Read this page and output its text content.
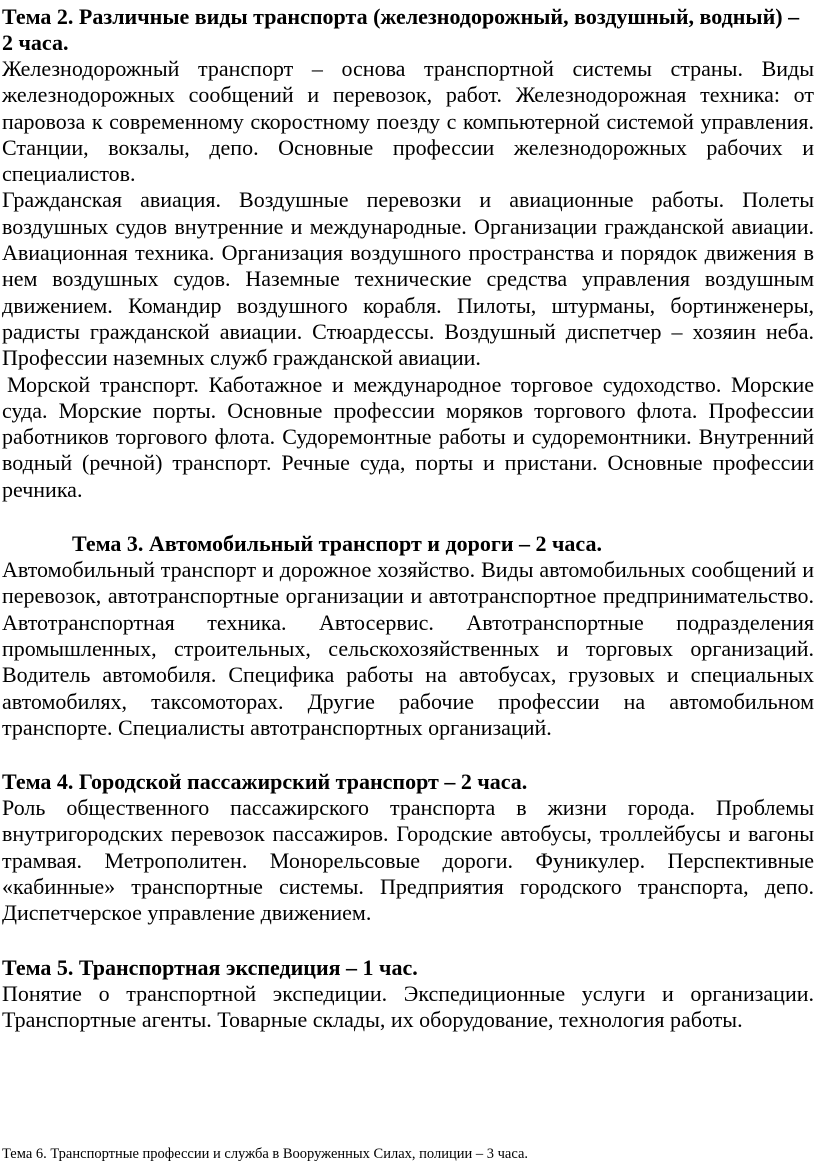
Тема 2. Различные виды транспорта (железнодорожный, воздушный, водный) – 2 часа.

Железнодорожный транспорт – основа транспортной системы страны. Виды железнодорожных сообщений и перевозок, работ. Железнодорожная техника: от паровоза к современному скоростному поезду с компьютерной системой управления. Станции, вокзалы, депо. Основные профессии железнодорожных рабочих и специалистов.

Гражданская авиация. Воздушные перевозки и авиационные работы. Полеты воздушных судов внутренние и международные. Организации гражданской авиации. Авиационная техника. Организация воздушного пространства и порядок движения в нем воздушных судов. Наземные технические средства управления воздушным движением. Командир воздушного корабля. Пилоты, штурманы, бортинженеры, радисты гражданской авиации. Стюардессы. Воздушный диспетчер – хозяин неба. Профессии наземных служб гражданской авиации.

Морской транспорт. Каботажное и международное торговое судоходство. Морские суда. Морские порты. Основные профессии моряков торгового флота. Профессии работников торгового флота. Судоремонтные работы и судоремонтники. Внутренний водный (речной) транспорт. Речные суда, порты и пристани. Основные профессии речника.

Тема 3. Автомобильный транспорт и дороги – 2 часа.

Автомобильный транспорт и дорожное хозяйство. Виды автомобильных сообщений и перевозок, автотранспортные организации и автотранспортное предпринимательство. Автотранспортная техника. Автосервис. Автотранспортные подразделения промышленных, строительных, сельскохозяйственных и торговых организаций. Водитель автомобиля. Специфика работы на автобусах, грузовых и специальных автомобилях, таксомоторах. Другие рабочие профессии на автомобильном транспорте. Специалисты автотранспортных организаций.

Тема 4. Городской пассажирский транспорт – 2 часа.

Роль общественного пассажирского транспорта в жизни города. Проблемы внутригородских перевозок пассажиров. Городские автобусы, троллейбусы и вагоны трамвая. Метрополитен. Монорельсовые дороги. Фуникулер. Перспективные «кабинные» транспортные системы. Предприятия городского транспорта, депо. Диспетчерское управление движением.

Тема 5. Транспортная экспедиция – 1 час.

Понятие о транспортной экспедиции. Экспедиционные услуги и организации. Транспортные агенты. Товарные склады, их оборудование, технология работы.

Тема 6. Транспортные профессии и служба в Вооруженных Силах, полиции – 3 часа.
